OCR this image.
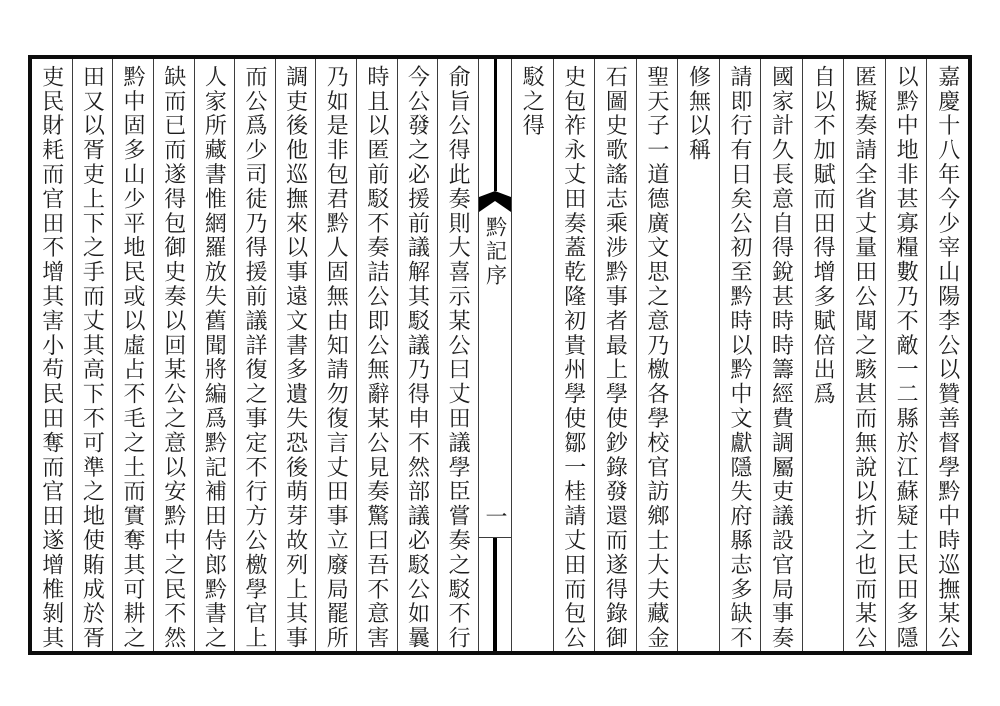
嘉慶十八年今少宰山陽李公以贊善督學黔中時巡撫某公
以黔中地非甚寡糧數乃不敵一二縣於江蘇疑士民田多隱
匿擬奏請全省丈量田公聞之駭甚而無說以折之也而某公
自以不加賦而田得增多賦倍出爲
國家計久長意自得銳甚時時籌經費調屬吏議設官局事奏
請即行有日矣公初至黔時以黔中文獻隱失府縣志多缺不
修無以稱
聖天子一道德廣文思之意乃檄各學校官訪鄉士大夫藏金
石圖史歌謠志乘涉黔事者最上學使鈔錄發還而遂得錄御
史包祚永丈田奏蓋乾隆初貴州學使鄒一桂請丈田而包公
駁之得
黔記序
一
俞旨公得此奏則大喜示某公曰丈田議學臣嘗奏之駁不行
今公發之必援前議解其駁議乃得申不然部議必駁公如曩
時且以匿前駁不奏詰公即公無辭某公見奏驚曰吾不意害
乃如是非包君黔人固無由知請勿復言丈田事立廢局罷所
調吏後他巡撫來以事遠文書多遺失恐後萌芽故列上其事
而公爲少司徒乃得援前議詳復之事定不行方公檄學官上
人家所藏書惟網羅放失舊聞將編爲黔記補田侍郎黔書之
缺而已而遂得包御史奏以回某公之意以安黔中之民不然
黔中固多山少平地民或以虛占不毛之土而實奪其可耕之
田又以胥吏上下之手而丈其高下不可準之地使賄成於胥
吏民財耗而官田不增其害小苟民田奪而官田遂增椎剝其
